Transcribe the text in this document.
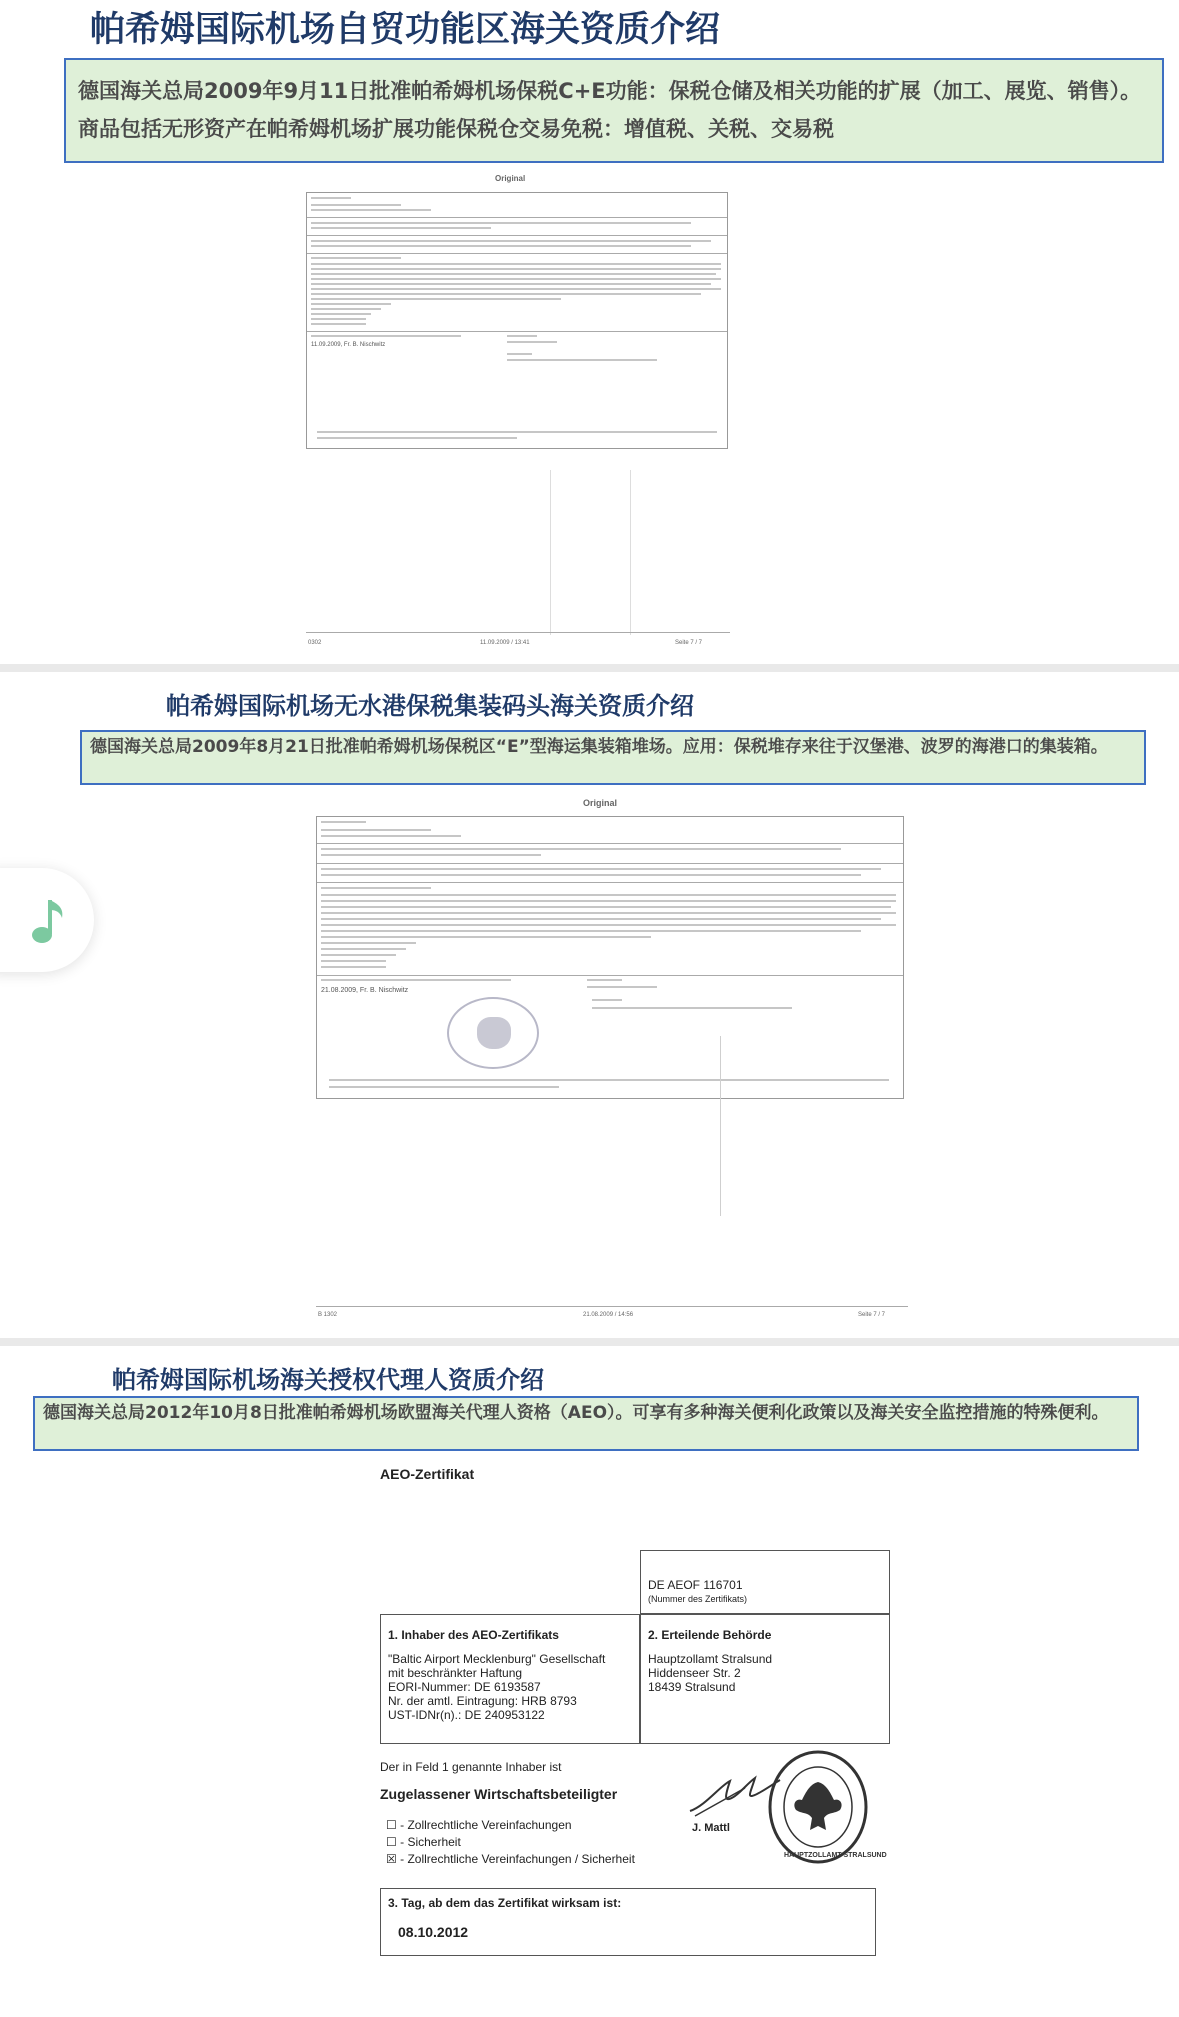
帕希姆国际机场自贸功能区海关资质介绍
德国海关总局2009年9月11日批准帕希姆机场保税C+E功能：保税仓储及相关功能的扩展（加工、展览、销售）。商品包括无形资产在帕希姆机场扩展功能保税仓交易免税：增值税、关税、交易税
Original
11.09.2009, Fr. B. Nischwitz
0302	11.09.2009 / 13:41	Seite 7 / 7
帕希姆国际机场无水港保税集装码头海关资质介绍
德国海关总局2009年8月21日批准帕希姆机场保税区“E”型海运集装箱堆场。应用：保税堆存来往于汉堡港、波罗的海港口的集装箱。
Original
21.08.2009, Fr. B. Nischwitz
B 1302	21.08.2009 / 14:56	Seite 7 / 7
帕希姆国际机场海关授权代理人资质介绍
德国海关总局2012年10月8日批准帕希姆机场欧盟海关代理人资格（AEO）。可享有多种海关便利化政策以及海关安全监控措施的特殊便利。
AEO-Zertifikat
DE AEOF 116701
(Nummer des Zertifikats)
1. Inhaber des AEO-Zertifikats
"Baltic Airport Mecklenburg" Gesellschaft
mit beschränkter Haftung
EORI-Nummer: DE 6193587
Nr. der amtl. Eintragung: HRB 8793
UST-IDNr(n).: DE 240953122
2. Erteilende Behörde
Hauptzollamt Stralsund
Hiddenseer Str. 2
18439 Stralsund
Der in Feld 1 genannte Inhaber ist
Zugelassener Wirtschaftsbeteiligter
☐ - Zollrechtliche Vereinfachungen
☐ - Sicherheit
☒ - Zollrechtliche Vereinfachungen / Sicherheit
J. Mattl
HAUPTZOLLAMT STRALSUND
3. Tag, ab dem das Zertifikat wirksam ist:
08.10.2012
